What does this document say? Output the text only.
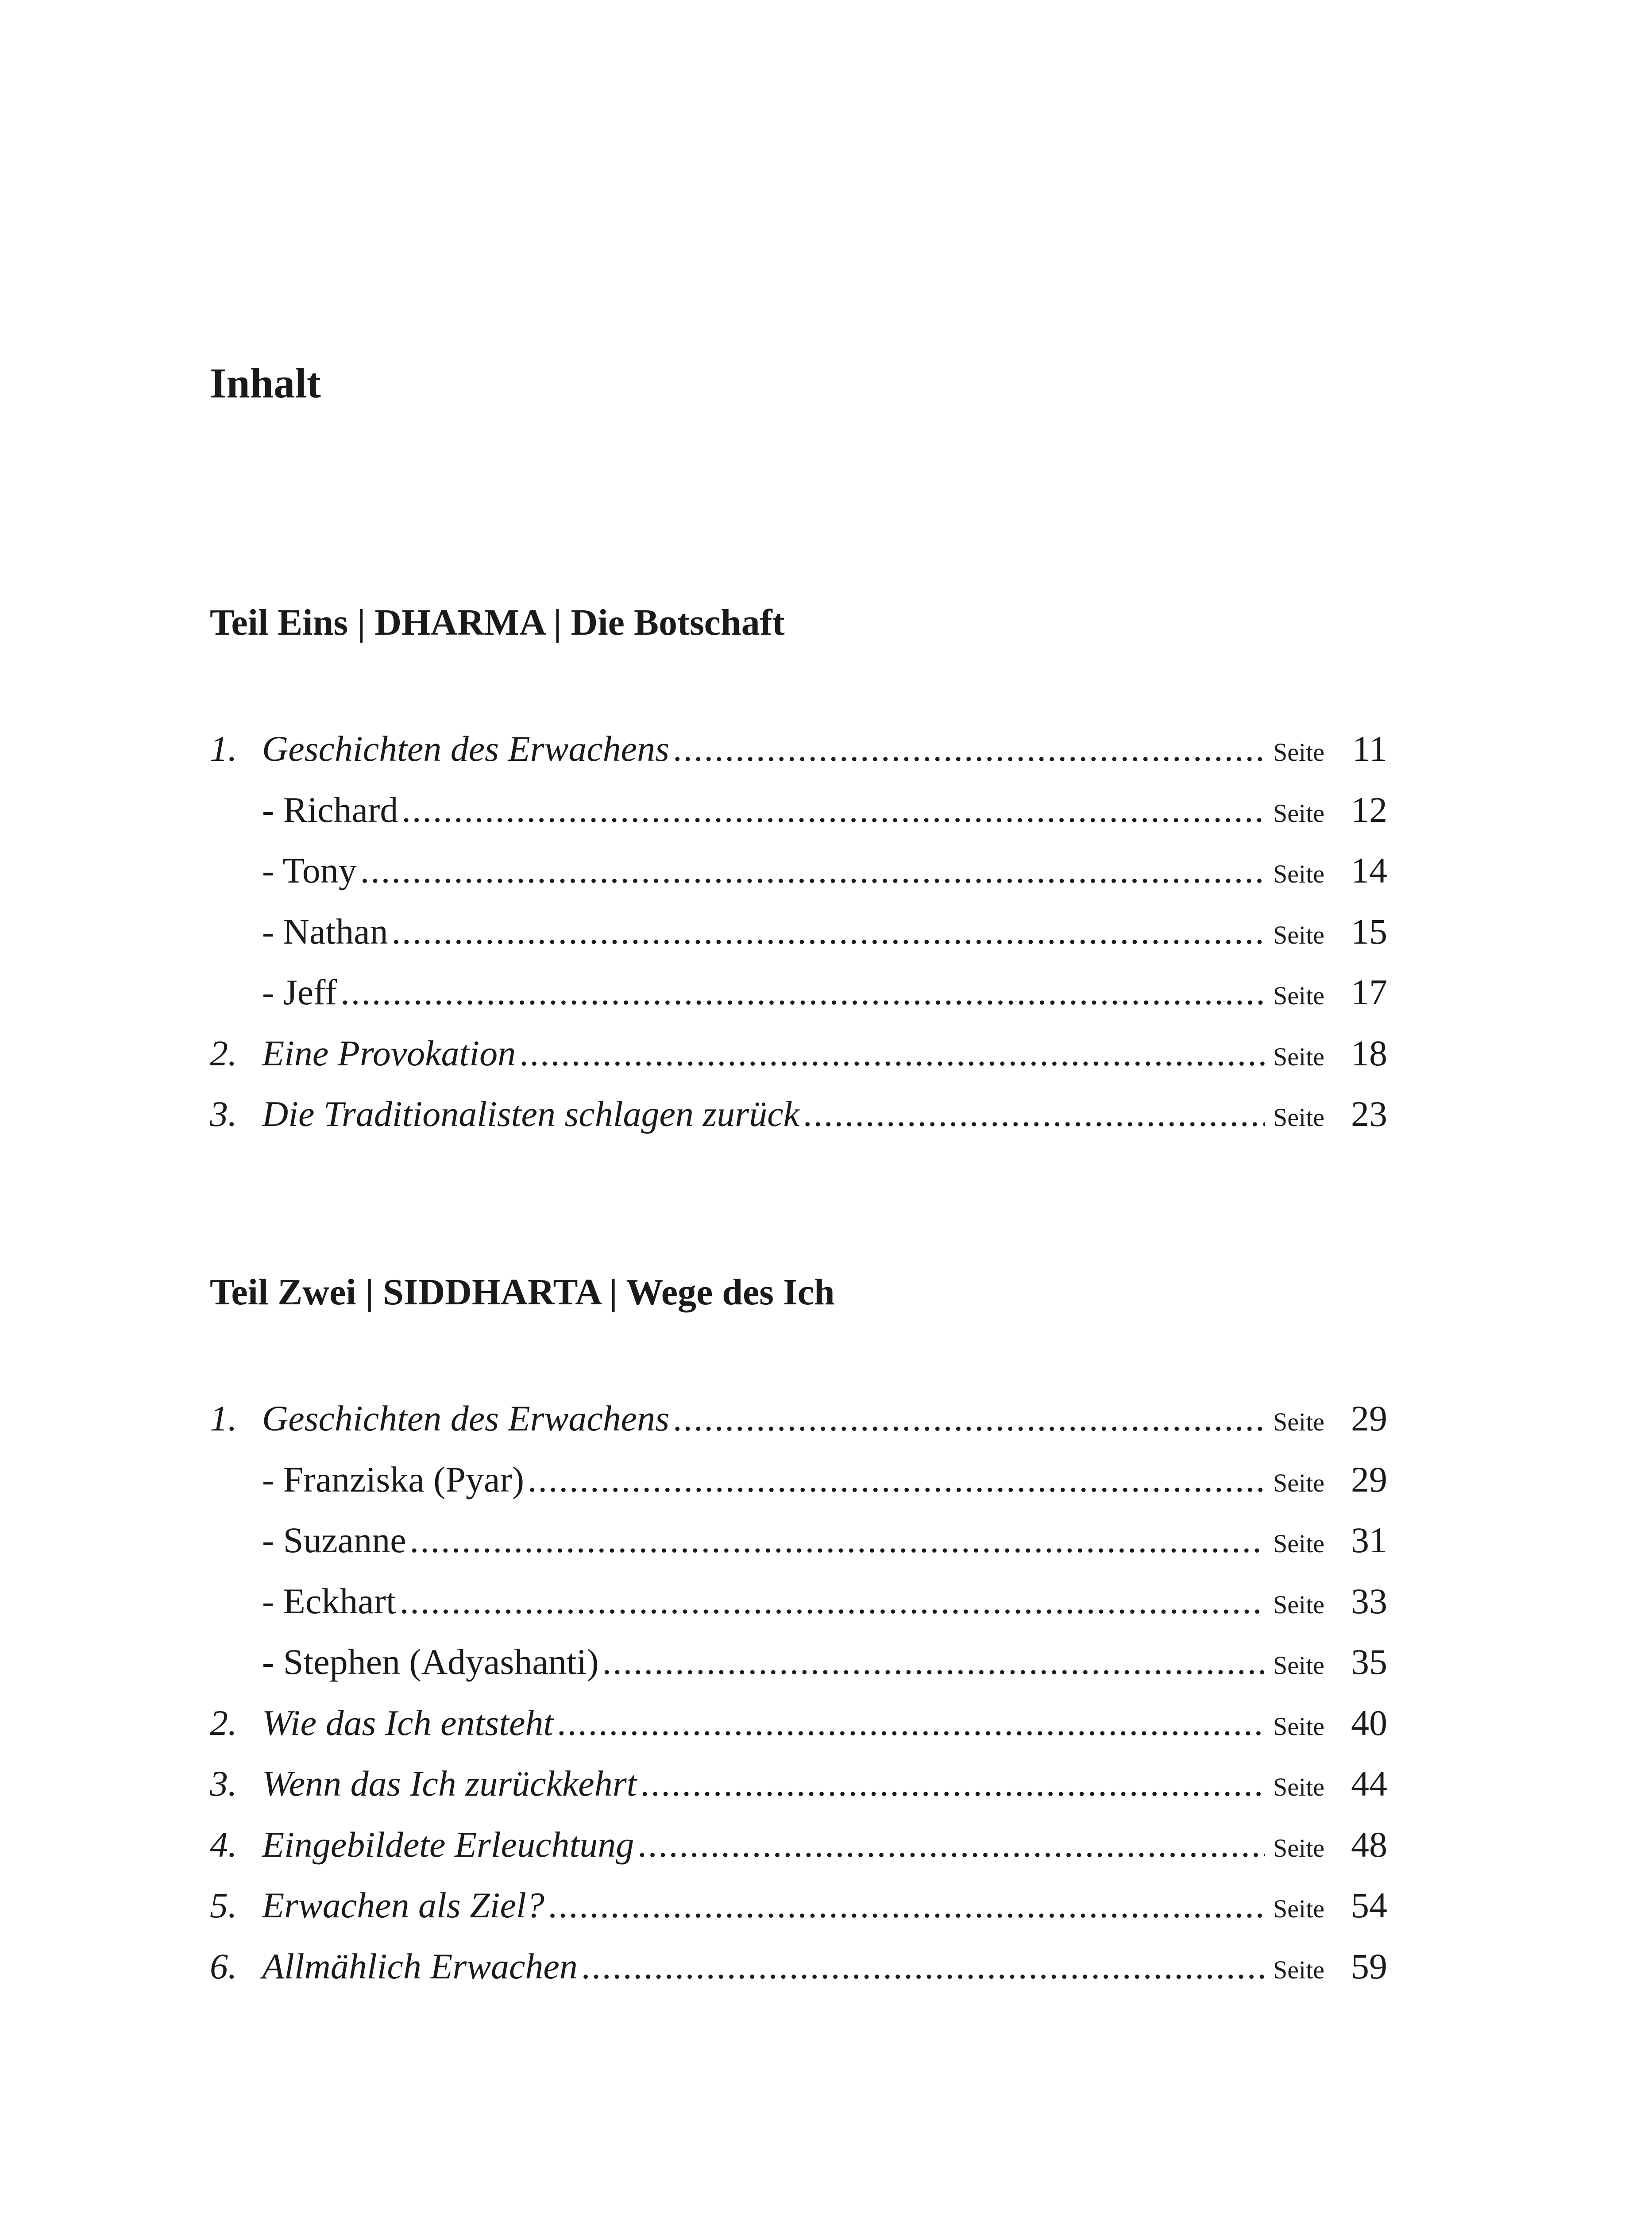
Inhalt
Teil Eins | DHARMA | Die Botschaft
1. Geschichten des Erwachens .....	Seite 11
- Richard .....	Seite 12
- Tony .....	Seite 14
- Nathan .....	Seite 15
- Jeff .....	Seite 17
2. Eine Provokation .....	Seite 18
3. Die Traditionalisten schlagen zurück .....	Seite 23
Teil Zwei | SIDDHARTA | Wege des Ich
1. Geschichten des Erwachens .....	Seite 29
- Franziska (Pyar) .....	Seite 29
- Suzanne .....	Seite 31
- Eckhart .....	Seite 33
- Stephen (Adyashanti) .....	Seite 35
2. Wie das Ich entsteht .....	Seite 40
3. Wenn das Ich zurückkehrt .....	Seite 44
4. Eingebildete Erleuchtung .....	Seite 48
5. Erwachen als Ziel? .....	Seite 54
6. Allmählich Erwachen .....	Seite 59
